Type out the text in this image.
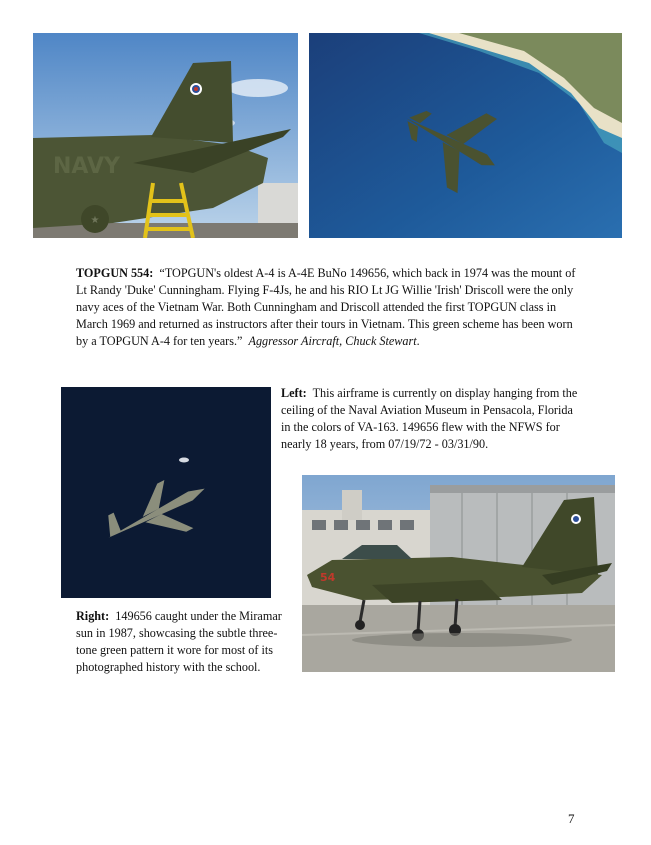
★
NAVY
TOPGUN 554: “TOPGUN's oldest A-4 is A-4E BuNo 149656, which back in 1974 was the mount of Lt Randy 'Duke' Cunningham. Flying F-4Js, he and his RIO Lt JG Willie 'Irish' Driscoll were the only navy aces of the Vietnam War. Both Cunningham and Driscoll attended the first TOPGUN class in March 1969 and returned as instructors after their tours in Vietnam. This green scheme has been worn by a TOPGUN A-4 for ten years.” Aggressor Aircraft, Chuck Stewart.
Left: This airframe is currently on display hanging from the ceiling of the Naval Aviation Museum in Pensacola, Florida in the colors of VA-163. 149656 flew with the NFWS for nearly 18 years, from 07/19/72 - 03/31/90.
54
Right: 149656 caught under the Miramar sun in 1987, showcasing the subtle three-tone green pattern it wore for most of its photographed history with the school.
7
